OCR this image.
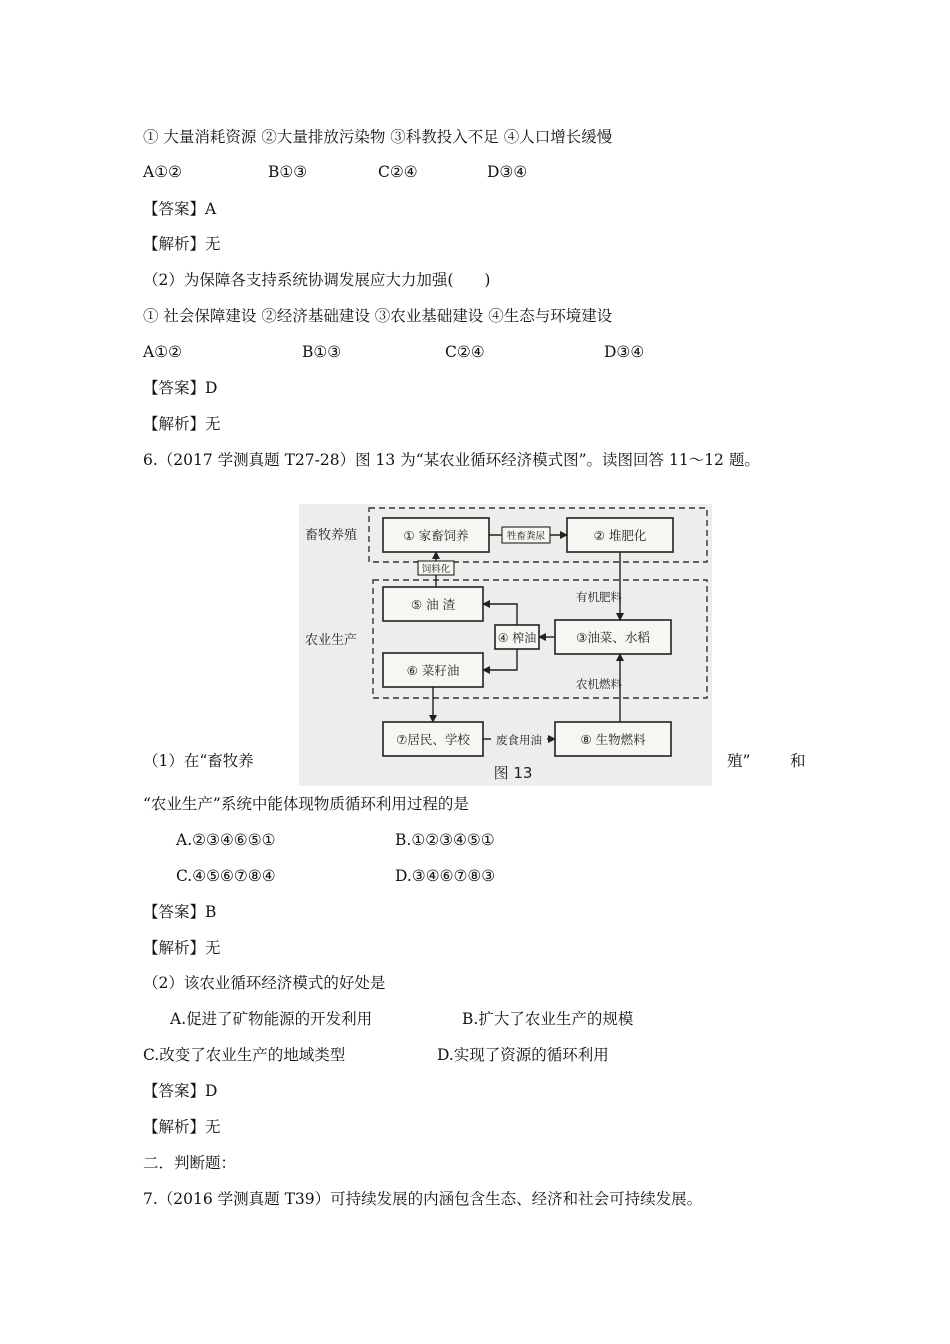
① 大量消耗资源 ②大量排放污染物 ③科教投入不足 ④人口增长缓慢
A①②	B①③	C②④	D③④
【答案】A
【解析】无
（2）为保障各支持系统协调发展应大力加强(　　)
① 社会保障建设 ②经济基础建设 ③农业基础建设 ④生态与环境建设
A①②	B①③	C②④	D③④
【答案】D
【解析】无
6.（2017 学测真题 T27-28）图 13 为“某农业循环经济模式图”。读图回答 11～12 题。
畜牧养殖
农业生产
① 家畜饲养	② 堆肥化
⑤ 油 渣
④ 榨油	③油菜、水稻
⑥ 菜籽油
⑦居民、学校	⑧ 生物燃料
牲畜粪尿
有机肥料
饲料化
废食用油
农机燃料
图 13
（1）在“畜牧养	殖”	和
“农业生产”系统中能体现物质循环利用过程的是
A.②③④⑥⑤①	B.①②③④⑤①
C.④⑤⑥⑦⑧④	D.③④⑥⑦⑧③
【答案】B
【解析】无
（2）该农业循环经济模式的好处是
A.促进了矿物能源的开发利用	B.扩大了农业生产的规模
C.改变了农业生产的地域类型	D.实现了资源的循环利用
【答案】D
【解析】无
二．判断题：
7.（2016 学测真题 T39）可持续发展的内涵包含生态、经济和社会可持续发展。
